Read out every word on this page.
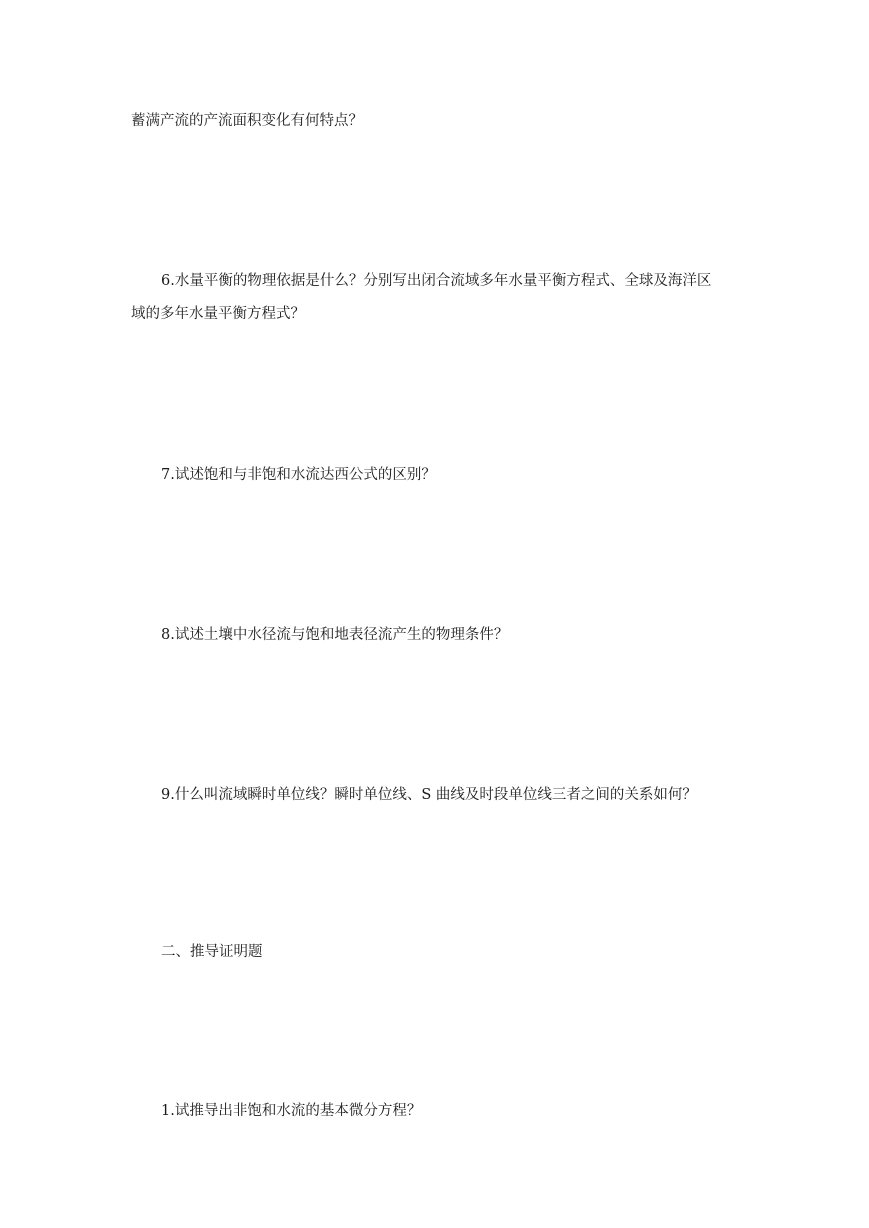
蓄满产流的产流面积变化有何特点？
6.水量平衡的物理依据是什么？分别写出闭合流域多年水量平衡方程式、全球及海洋区
域的多年水量平衡方程式？
7.试述饱和与非饱和水流达西公式的区别？
8.试述土壤中水径流与饱和地表径流产生的物理条件？
9.什么叫流域瞬时单位线？瞬时单位线、S 曲线及时段单位线三者之间的关系如何？
二、推导证明题
1.试推导出非饱和水流的基本微分方程？
